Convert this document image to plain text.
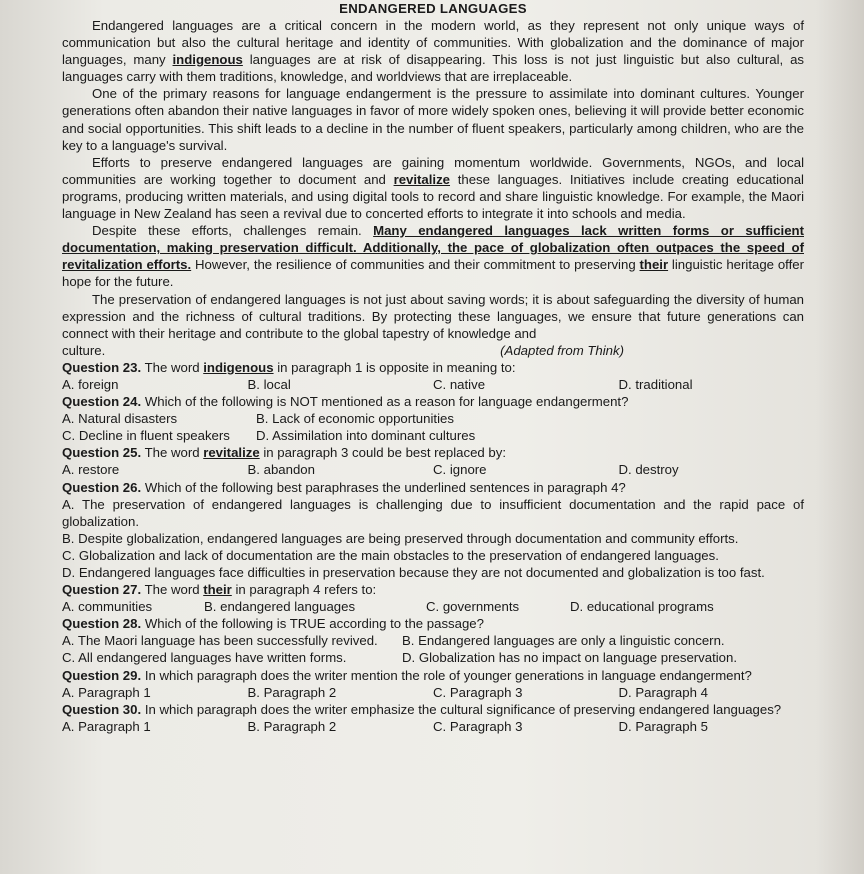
ENDANGERED LANGUAGES

Endangered languages are a critical concern in the modern world, as they represent not only unique ways of communication but also the cultural heritage and identity of communities. With globalization and the dominance of major languages, many indigenous languages are at risk of disappearing. This loss is not just linguistic but also cultural, as languages carry with them traditions, knowledge, and worldviews that are irreplaceable.

One of the primary reasons for language endangerment is the pressure to assimilate into dominant cultures. Younger generations often abandon their native languages in favor of more widely spoken ones, believing it will provide better economic and social opportunities. This shift leads to a decline in the number of fluent speakers, particularly among children, who are the key to a language's survival.

Efforts to preserve endangered languages are gaining momentum worldwide. Governments, NGOs, and local communities are working together to document and revitalize these languages. Initiatives include creating educational programs, producing written materials, and using digital tools to record and share linguistic knowledge. For example, the Maori language in New Zealand has seen a revival due to concerted efforts to integrate it into schools and media.

Despite these efforts, challenges remain. Many endangered languages lack written forms or sufficient documentation, making preservation difficult. Additionally, the pace of globalization often outpaces the speed of revitalization efforts. However, the resilience of communities and their commitment to preserving their linguistic heritage offer hope for the future.

The preservation of endangered languages is not just about saving words; it is about safeguarding the diversity of human expression and the richness of cultural traditions. By protecting these languages, we ensure that future generations can connect with their heritage and contribute to the global tapestry of knowledge and

culture.	(Adapted from Think)
Question 23. The word indigenous in paragraph 1 is opposite in meaning to:
A. foreign	B. local	C. native	D. traditional
Question 24. Which of the following is NOT mentioned as a reason for language endangerment?
A. Natural disasters	B. Lack of economic opportunities
C. Decline in fluent speakers	D. Assimilation into dominant cultures
Question 25. The word revitalize in paragraph 3 could be best replaced by:
A. restore	B. abandon	C. ignore	D. destroy
Question 26. Which of the following best paraphrases the underlined sentences in paragraph 4?
A. The preservation of endangered languages is challenging due to insufficient documentation and the rapid pace of globalization.
B. Despite globalization, endangered languages are being preserved through documentation and community efforts.
C. Globalization and lack of documentation are the main obstacles to the preservation of endangered languages.
D. Endangered languages face difficulties in preservation because they are not documented and globalization is too fast.
Question 27. The word their in paragraph 4 refers to:
A. communities	B. endangered languages	C. governments	D. educational programs
Question 28. Which of the following is TRUE according to the passage?
A. The Maori language has been successfully revived.	B. Endangered languages are only a linguistic concern.
C. All endangered languages have written forms.	D. Globalization has no impact on language preservation.
Question 29. In which paragraph does the writer mention the role of younger generations in language endangerment?
A. Paragraph 1	B. Paragraph 2	C. Paragraph 3	D. Paragraph 4
Question 30. In which paragraph does the writer emphasize the cultural significance of preserving endangered languages?
A. Paragraph 1	B. Paragraph 2	C. Paragraph 3	D. Paragraph 5
